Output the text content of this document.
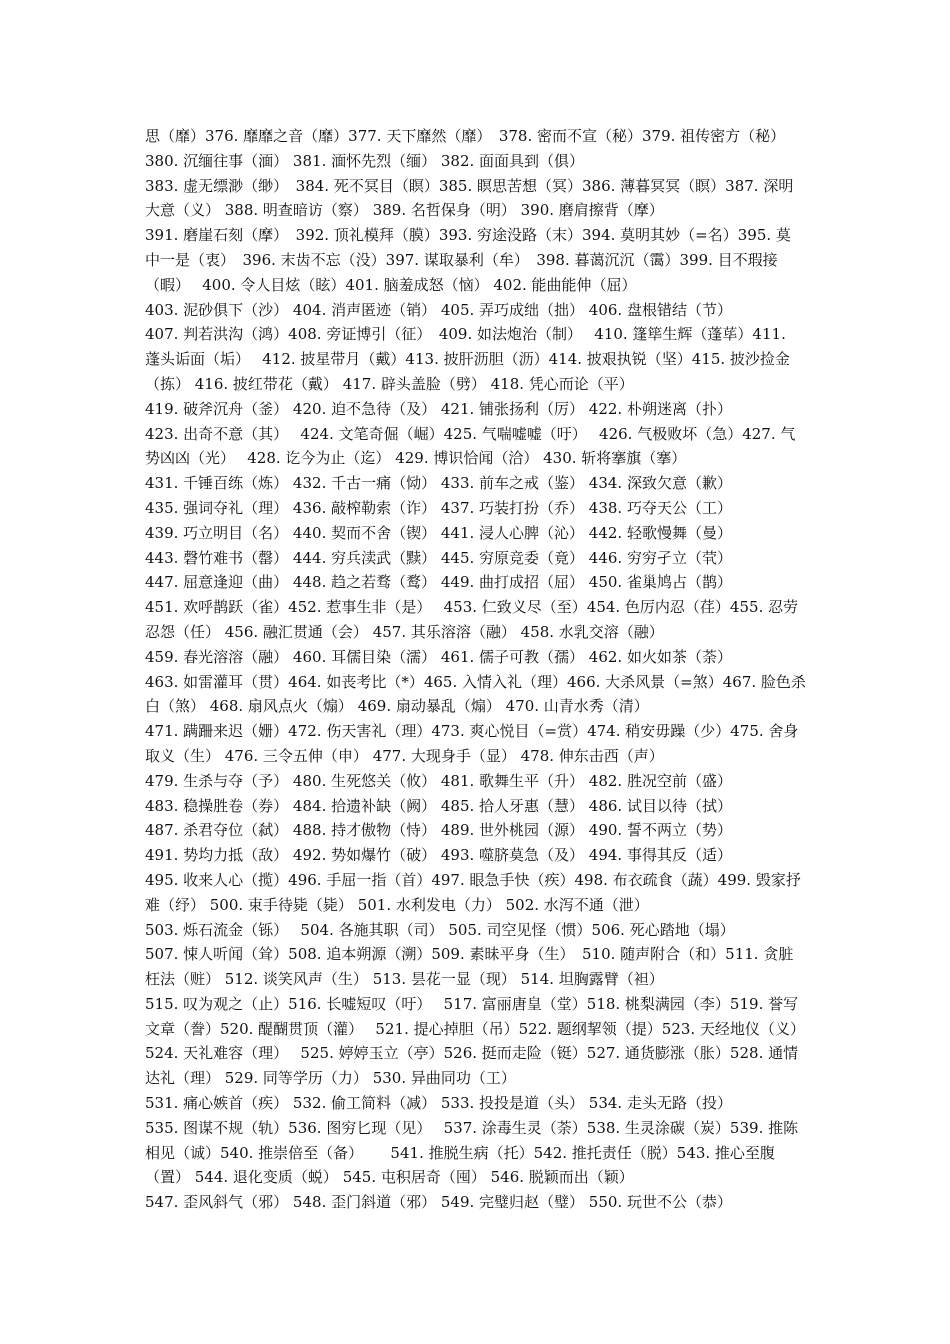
思（靡）376. 靡靡之音（靡）377. 天下靡然（靡）　378. 密而不宣（秘）379. 祖传密方（秘）
380. 沉缅往事（湎） 381. 湎怀先烈（缅） 382. 面面具到（俱）
383. 虚无缥渺（缈）　384. 死不冥目（瞑）385. 瞑思苦想（冥）386. 薄暮冥冥（瞑）387. 深明
大意（义） 388. 明查暗访（察） 389. 名哲保身（明） 390. 磨肩擦背（摩）
391. 磨崖石刻（摩）　392. 顶礼模拜（膜）393. 穷途没路（末）394. 莫明其妙（=名）395. 莫
中一是（衷）　396. 末齿不忘（没）397. 谋取暴利（牟）　398. 暮蔼沉沉（霭）399. 目不瑕接
（暇）　 400. 令人目炫（眩）401. 脑羞成怒（恼） 402. 能曲能伸（屈）
403. 泥砂俱下（沙） 404. 消声匿迹（销） 405. 弄巧成绌（拙） 406. 盘根错结（节）
407. 判若洪沟（鸿）408. 旁证博引（征）　409. 如法炮治（制）　 410. 篷筚生辉（蓬荜）411.
蓬头诟面（垢）　 412. 披星带月（戴）413. 披肝沥胆（沥）414. 披艰执锐（坚）415. 披沙捡金
（拣） 416. 披红带花（戴） 417. 辟头盖脸（劈） 418. 凭心而论（平）
419. 破斧沉舟（釜） 420. 迫不急待（及） 421. 铺张扬利（厉） 422. 朴朔迷离（扑）
423. 出奇不意（其）　 424. 文笔奇倔（崛）425. 气喘嘘嘘（吁）　 426. 气极败坏（急）427. 气
势凶凶（光）　 428. 讫今为止（迄） 429. 博识恰闻（洽） 430. 斩将搴旗（搴）
431. 千锤百练（炼） 432. 千古一痛（恸） 433. 前车之戒（鉴） 434. 深致欠意（歉）
435. 强词夺礼（理） 436. 敲榨勒索（诈） 437. 巧装打扮（乔） 438. 巧夺天公（工）
439. 巧立明目（名） 440. 契而不舍（锲） 441. 浸人心脾（沁） 442. 轻歌慢舞（曼）
443. 磬竹难书（罄） 444. 穷兵渎武（黩） 445. 穷原竞委（竟） 446. 穷穷孑立（茕）
447. 屈意逢迎（曲） 448. 趋之若骛（鹜） 449. 曲打成招（屈） 450. 雀巢鸠占（鹊）
451. 欢呼鹊跃（雀）452. 惹事生非（是）　 453. 仁致义尽（至）454. 色厉内忍（荏）455. 忍劳
忍怨（任） 456. 融汇贯通（会） 457. 其乐溶溶（融） 458. 水乳交溶（融）
459. 春光溶溶（融） 460. 耳儒目染（濡） 461. 儒子可教（孺） 462. 如火如茶（荼）
463. 如雷灌耳（贯）464. 如丧考比（*）465. 入情入礼（理）466. 大杀风景（=煞）467. 脸色杀
白（煞） 468. 扇风点火（煽） 469. 扇动暴乱（煽） 470. 山青水秀（清）
471. 蹒跚来迟（姗）472. 伤天害礼（理）473. 爽心悦目（=赏）474. 稍安毋躁（少）475. 舍身
取义（生） 476. 三令五伸（申） 477. 大现身手（显） 478. 伸东击西（声）
479. 生杀与夺（予） 480. 生死悠关（攸） 481. 歌舞生平（升） 482. 胜况空前（盛）
483. 稳操胜卷（券） 484. 拾遗补缺（阙） 485. 拾人牙惠（慧） 486. 试目以待（拭）
487. 杀君夺位（弑） 488. 持才傲物（恃） 489. 世外桃园（源） 490. 誓不两立（势）
491. 势均力抵（敌） 492. 势如爆竹（破） 493. 噬脐莫急（及） 494. 事得其反（适）
495. 收来人心（揽）496. 手屈一指（首）497. 眼急手快（疾）498. 布衣疏食（蔬）499. 毁家抒
难（纾） 500. 束手待毙（毙） 501. 水利发电（力） 502. 水泻不通（泄）
503. 烁石流金（铄）　 504. 各施其职（司） 505. 司空见怪（惯）506. 死心踏地（塌）
507. 悚人听闻（耸）508. 追本朔源（溯）509. 素昧平身（生）　510. 随声附合（和）511. 贪脏
枉法（赃） 512. 谈笑风声（生） 513. 昙花一显（现） 514. 坦胸露臂（袒）
515. 叹为观之（止）516. 长嘘短叹（吁）　 517. 富丽唐皇（堂）518. 桃梨满园（李）519. 誉写
文章（誊）520. 醍醐贯顶（灌）　 521. 提心掉胆（吊）522. 题纲挈领（提）523. 天经地仪（义）
524. 天礼难容（理）　 525. 婷婷玉立（亭）526. 挺而走险（铤）527. 通货膨涨（胀）528. 通情
达礼（理） 529. 同等学历（力） 530. 异曲同功（工）
531. 痛心嫉首（疾） 532. 偷工简料（减） 533. 投投是道（头） 534. 走头无路（投）
535. 图谋不规（轨）536. 图穷匕现（见）　 537. 涂毒生灵（荼）538. 生灵涂碳（炭）539. 推陈
相见（诚）540. 推崇倍至（备）　　 541. 推脱生病（托）542. 推托责任（脱）543. 推心至腹
（置） 544. 退化变质（蜕） 545. 屯积居奇（囤） 546. 脱颖而出（颖）
547. 歪风斜气（邪） 548. 歪门斜道（邪） 549. 完璧归赵（璧） 550. 玩世不公（恭）
